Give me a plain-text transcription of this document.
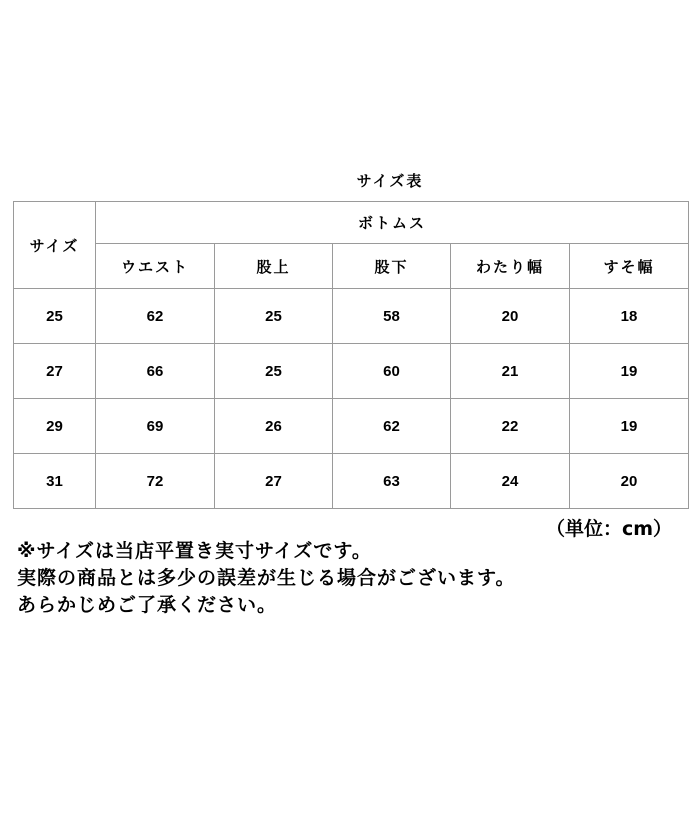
サイズ表
サイズ	ボトムス				
	ウエスト	股上	股下	わたり幅	すそ幅
25	62	25	58	20	18
27	66	25	60	21	19
29	69	26	62	22	19
31	72	27	63	24	20
（単位：cm）
※サイズは当店平置き実寸サイズです。
実際の商品とは多少の誤差が生じる場合がございます。
あらかじめご了承ください。
